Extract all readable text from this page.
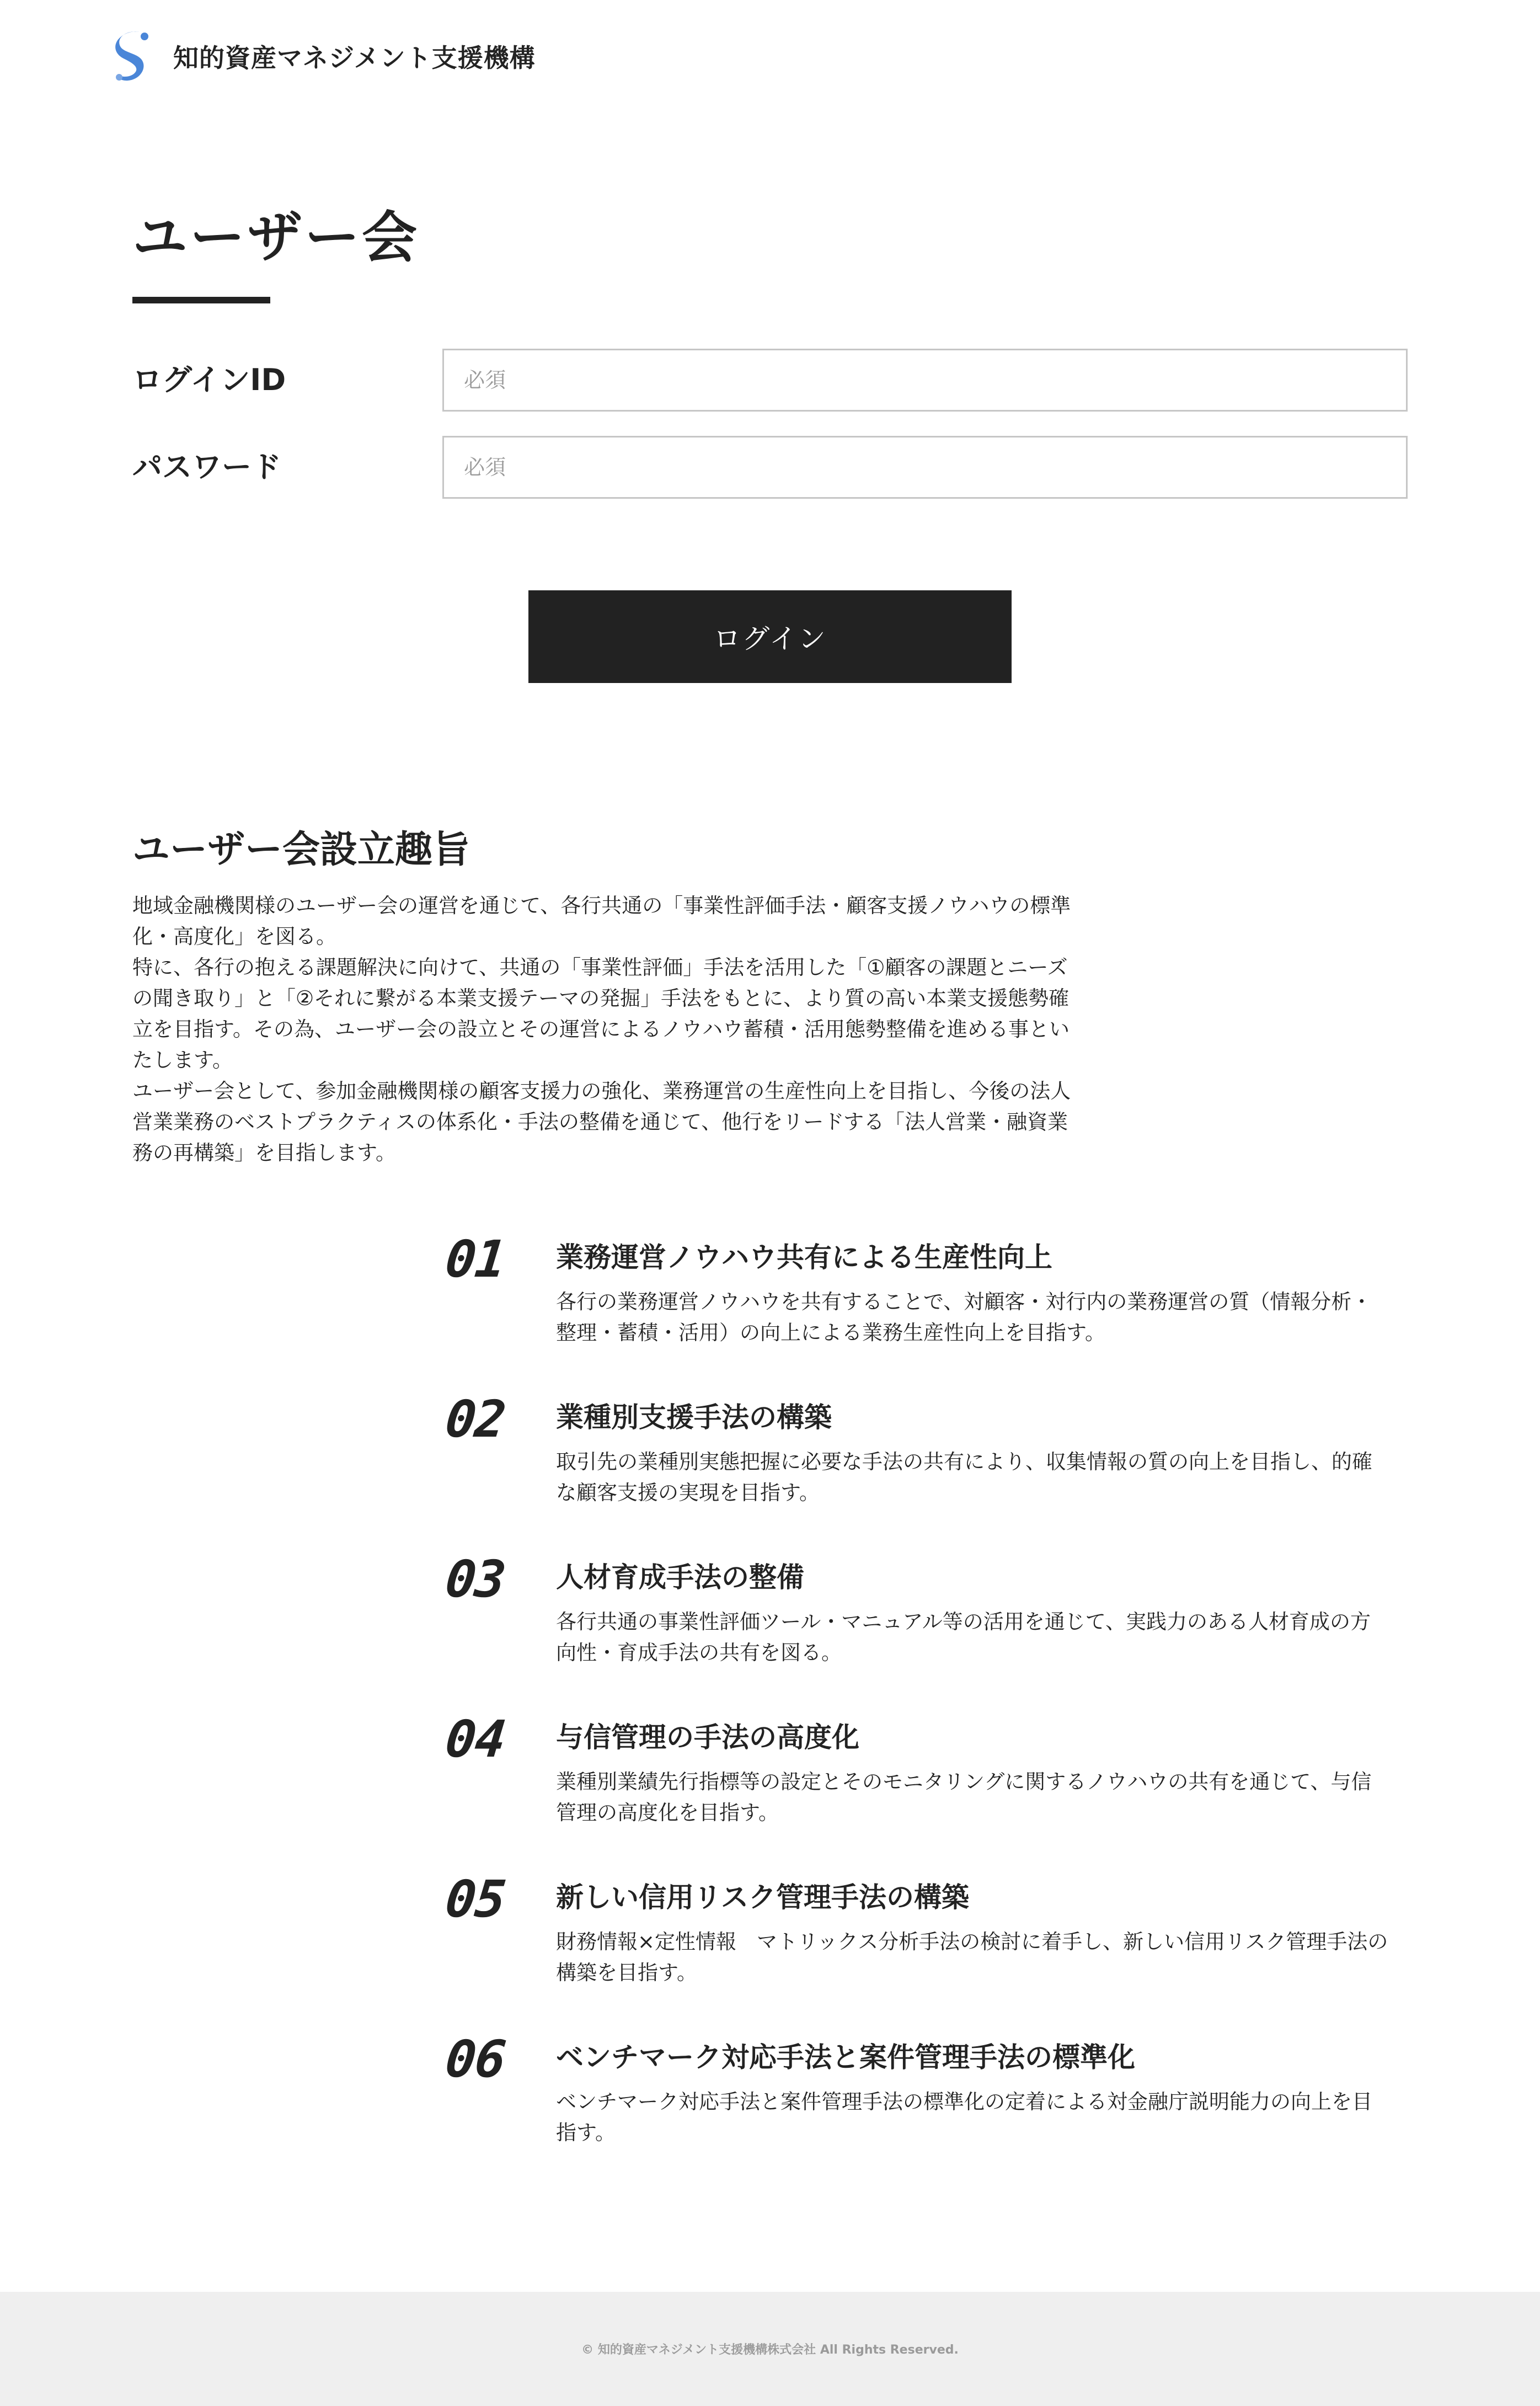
知的資産マネジメント支援機構
ユーザー会
ログインID
必須
パスワード
ログイン
ユーザー会設立趣旨

地域金融機関様のユーザー会の運営を通じて、各行共通の「事業性評価手法・顧客支援ノウハウの標準化・高度化」を図る。

特に、各行の抱える課題解決に向けて、共通の「事業性評価」手法を活用した「①顧客の課題とニーズの聞き取り」と「②それに繋がる本業支援テーマの発掘」手法をもとに、より質の高い本業支援態勢確立を目指す。その為、ユーザー会の設立とその運営によるノウハウ蓄積・活用態勢整備を進める事といたします。

ユーザー会として、参加金融機関様の顧客支援力の強化、業務運営の生産性向上を目指し、今後の法人営業業務のベストプラクティスの体系化・手法の整備を通じて、他行をリードする「法人営業・融資業務の再構築」を目指します。

01 業務運営ノウハウ共有による生産性向上

各行の業務運営ノウハウを共有することで、対顧客・対行内の業務運営の質（情報分析・整理・蓄積・活用）の向上による業務生産性向上を目指す。

02 業種別支援手法の構築

取引先の業種別実態把握に必要な手法の共有により、収集情報の質の向上を目指し、的確な顧客支援の実現を目指す。

03 人材育成手法の整備

各行共通の事業性評価ツール・マニュアル等の活用を通じて、実践力のある人材育成の方向性・育成手法の共有を図る。

04 与信管理の手法の高度化

業種別業績先行指標等の設定とそのモニタリングに関するノウハウの共有を通じて、与信管理の高度化を目指す。

05 新しい信用リスク管理手法の構築

財務情報×定性情報　マトリックス分析手法の検討に着手し、新しい信用リスク管理手法の構築を目指す。

06 ベンチマーク対応手法と案件管理手法の標準化

ベンチマーク対応手法と案件管理手法の標準化の定着による対金融庁説明能力の向上を目指す。

© 知的資産マネジメント支援機構株式会社 All Rights Reserved.
